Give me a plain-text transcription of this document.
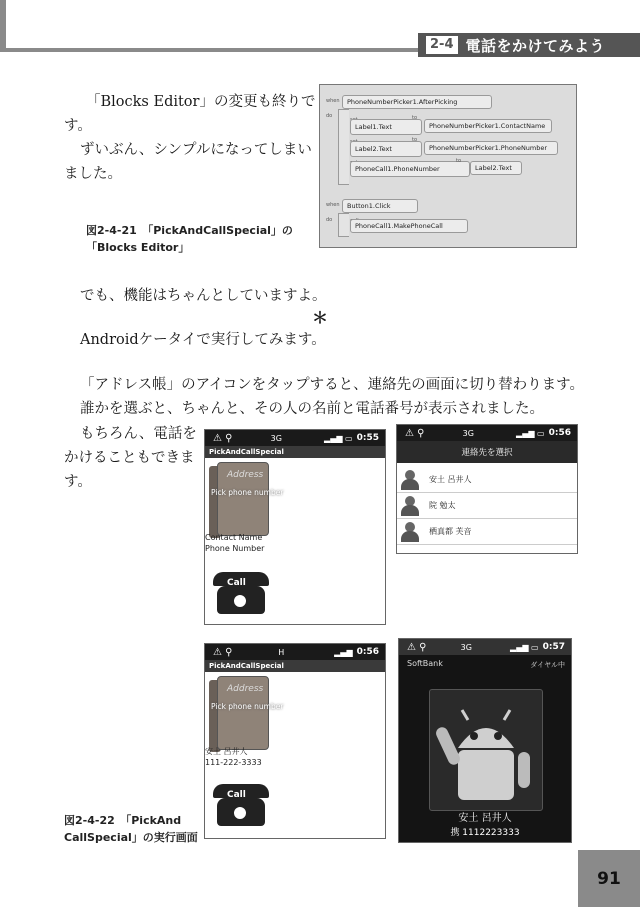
2-4 電話をかけてみよう

「Blocks Editor」の変更も終りで

す。

ずいぶん、シンプルになってしまい

ました。

when	PhoneNumberPicker1.AfterPicking
do
Label1.Text
to
PhoneNumberPicker1.ContactName
Label2.Text
to
PhoneNumberPicker1.PhoneNumber
PhoneCall1.PhoneNumber
to
Label2.Text
when	Button1.Click
do
PhoneCall1.MakePhoneCall
図2-4-21　「PickAndCallSpecial」の
「Blocks Editor」

でも、機能はちゃんとしていますよ。

＊

Androidケータイで実行してみます。

「アドレス帳」のアイコンをタップすると、連絡先の画面に切り替わります。

誰かを選ぶと、ちゃんと、その人の名前と電話番号が表示されました。

もちろん、電話を

かけることもできま

す。

⚠ ⚲	3G	▂▄▆ ▭ 0:55
PickAndCallSpecial
Address
Pick phone number
Contact Name
Phone Number
Call
⚠ ⚲	3G	▂▄▆ ▭ 0:56
連絡先を選択
安土 呂井人
院 勉太
栖真都 芙音
⚠ ⚲	H	▂▄▆ 0:56
PickAndCallSpecial
Address
Pick phone number
安土 呂井人
111-222-3333
Call
⚠ ⚲	3G	▂▄▆ ▭ 0:57
SoftBank	ダイヤル中
安土 呂井人
携 1112223333
図2-4-22　「PickAnd
CallSpecial」の実行画面
91
